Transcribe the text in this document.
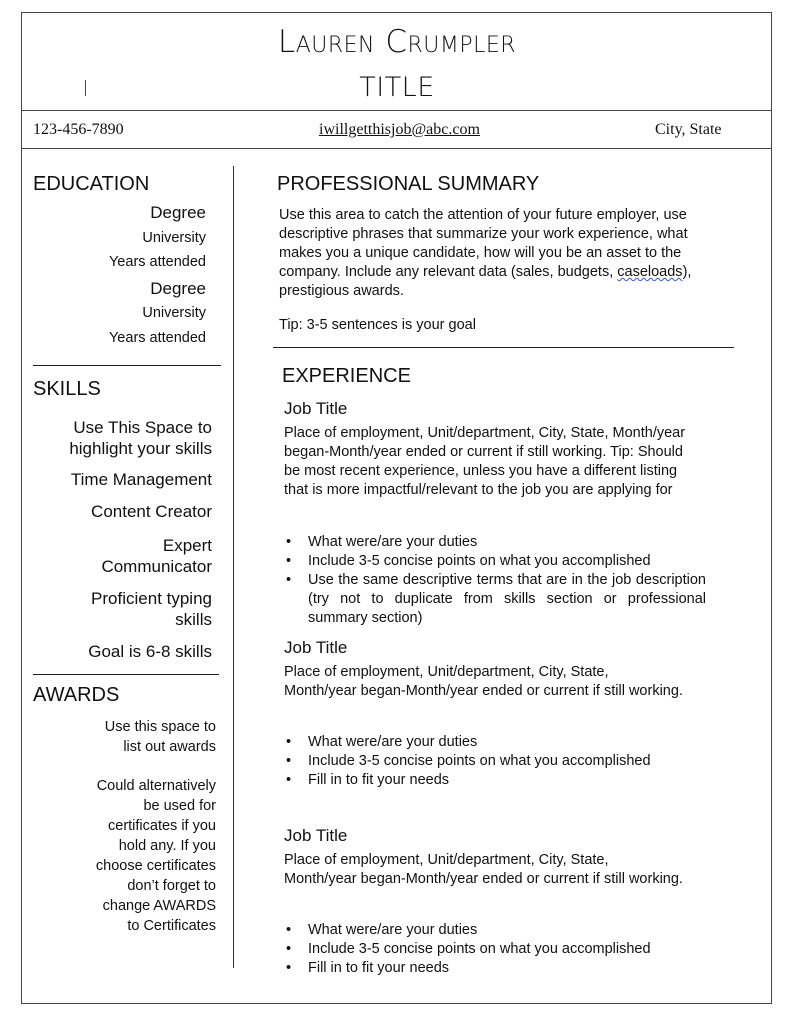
Lauren Crumpler
TITLE
123-456-7890	iwillgetthisjob@abc.com	City, State
EDUCATION
Degree
University
Years attended
Degree
University
Years attended
SKILLS
Use This Space to highlight your skills
Time Management
Content Creator
Expert Communicator
Proficient typing skills
Goal is 6-8 skills
AWARDS
Use this space to list out awards
Could alternatively be used for certificates if you hold any. If you choose certificates don’t forget to change AWARDS to Certificates
PROFESSIONAL SUMMARY
Use this area to catch the attention of your future employer, use descriptive phrases that summarize your work experience, what makes you a unique candidate, how will you be an asset to the company. Include any relevant data (sales, budgets, caseloads), prestigious awards.
Tip: 3-5 sentences is your goal
EXPERIENCE
Job Title
Place of employment, Unit/department, City, State, Month/year began-Month/year ended or current if still working. Tip: Should be most recent experience, unless you have a different listing that is more impactful/relevant to the job you are applying for
• What were/are your duties
• Include 3-5 concise points on what you accomplished
• Use the same descriptive terms that are in the job description (try not to duplicate from skills section or professional summary section)
Job Title
Place of employment, Unit/department, City, State, Month/year began-Month/year ended or current if still working.
• What were/are your duties
• Include 3-5 concise points on what you accomplished
• Fill in to fit your needs
Job Title
Place of employment, Unit/department, City, State, Month/year began-Month/year ended or current if still working.
• What were/are your duties
• Include 3-5 concise points on what you accomplished
• Fill in to fit your needs
